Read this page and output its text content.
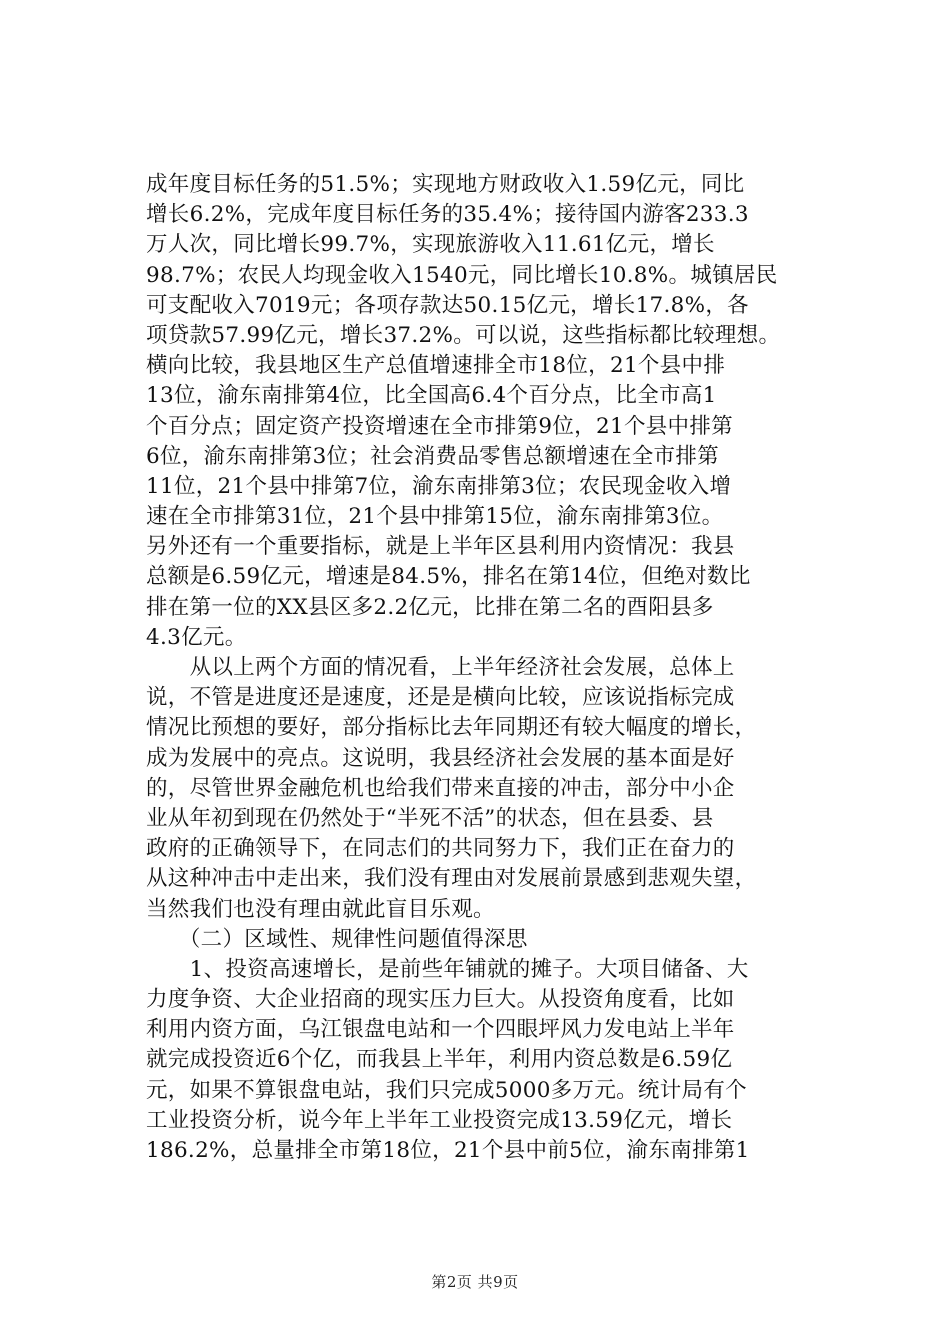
成年度目标任务的51.5%；实现地方财政收入1.59亿元，同比
增长6.2%，完成年度目标任务的35.4%；接待国内游客233.3
万人次，同比增长99.7%，实现旅游收入11.61亿元，增长
98.7%；农民人均现金收入1540元，同比增长10.8%。城镇居民
可支配收入7019元；各项存款达50.15亿元，增长17.8%，各
项贷款57.99亿元，增长37.2%。可以说，这些指标都比较理想。
横向比较，我县地区生产总值增速排全市18位，21个县中排
13位，渝东南排第4位，比全国高6.4个百分点，比全市高1
个百分点；固定资产投资增速在全市排第9位，21个县中排第
6位，渝东南排第3位；社会消费品零售总额增速在全市排第
11位，21个县中排第7位，渝东南排第3位；农民现金收入增
速在全市排第31位，21个县中排第15位，渝东南排第3位。
另外还有一个重要指标，就是上半年区县利用内资情况：我县
总额是6.59亿元，增速是84.5%，排名在第14位，但绝对数比
排在第一位的XX县区多2.2亿元，比排在第二名的酉阳县多
4.3亿元。
　　从以上两个方面的情况看，上半年经济社会发展，总体上
说，不管是进度还是速度，还是是横向比较，应该说指标完成
情况比预想的要好，部分指标比去年同期还有较大幅度的增长，
成为发展中的亮点。这说明，我县经济社会发展的基本面是好
的，尽管世界金融危机也给我们带来直接的冲击，部分中小企
业从年初到现在仍然处于“半死不活”的状态，但在县委、县
政府的正确领导下，在同志们的共同努力下，我们正在奋力的
从这种冲击中走出来，我们没有理由对发展前景感到悲观失望，
当然我们也没有理由就此盲目乐观。
　　（二）区域性、规律性问题值得深思
　　1、投资高速增长，是前些年铺就的摊子。大项目储备、大
力度争资、大企业招商的现实压力巨大。从投资角度看，比如
利用内资方面，乌江银盘电站和一个四眼坪风力发电站上半年
就完成投资近6个亿，而我县上半年，利用内资总数是6.59亿
元，如果不算银盘电站，我们只完成5000多万元。统计局有个
工业投资分析，说今年上半年工业投资完成13.59亿元，增长
186.2%，总量排全市第18位，21个县中前5位，渝东南排第1
第2页 共9页
